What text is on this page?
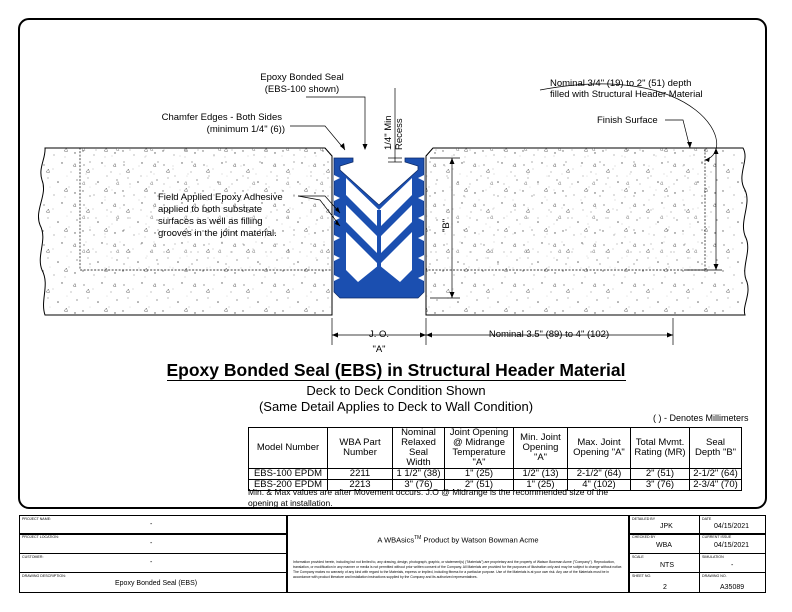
Epoxy Bonded Seal
(EBS-100 shown)
Chamfer Edges - Both Sides
(minimum 1/4" (6))
Nominal 3/4" (19) to 2" (51) depth
filled with Structural Header Material
Finish Surface
Field Applied Epoxy Adhesive
applied to both substrate
surfaces as well as filling
grooves in the joint material.
1/4" Min Recess
"B"
J. O.
"A"
Nominal 3.5" (89) to 4" (102)
Epoxy Bonded Seal (EBS) in Structural Header Material
Deck to Deck Condition Shown
(Same Detail Applies to Deck to Wall Condition)
( ) - Denotes Millimeters
Model Number	WBA Part Number	Nominal Relaxed Seal Width	Joint Opening @ Midrange Temperature "A"	Min. Joint Opening "A"	Max. Joint Opening "A"	Total Mvmt. Rating (MR)	Seal Depth "B"
EBS-100 EPDM	2211	1 1/2" (38)	1" (25)	1/2" (13)	2-1/2" (64)	2" (51)	2-1/2" (64)
EBS-200 EPDM	2213	3" (76)	2" (51)	1" (25)	4" (102)	3" (76)	2-3/4" (70)
Min. & Max values are after Movement occurs. J.O @ Midrange is the recommended size of the
opening at installation.
PROJECT NAME:
-
PROJECT LOCATION:
-
CUSTOMER:
-
DRAWING DESCRIPTION:
Epoxy Bonded Seal (EBS)
A WBAsics™ Product by Watson Bowman Acme
Information provided herein, including but not limited to, any drawing, design, photograph, graphic, or statement(s) ("Materials") are proprietary and the property of Watson Bowman Acme ("Company"). Reproduction, translation, or modification in any manner or media is not permitted without prior written consent of the Company. All Materials are provided for the purposes of illustration only and may be subject to change without notice. The Company makes no warranty of any kind with regard to the Materials, express or implied, including fitness for a particular purpose. Use of the Materials is at your own risk. Any use of the Materials must be in accordance with product literature and installation instructions supplied by the Company and its authorized representatives.
DETAILED BY
JPK
DATE
04/15/2021
CHECKED BY
WBA
CURRENT ISSUE
04/15/2021
SCALE
NTS
SIMULATION
-
SHEET NO.
2
DRAWING NO.
A35089
